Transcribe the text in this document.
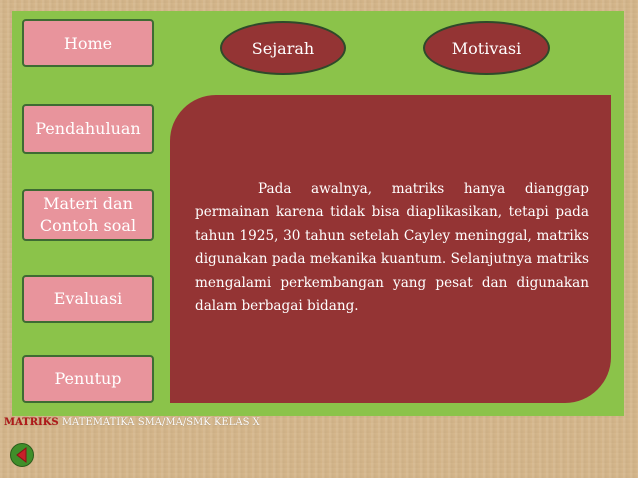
Home
Pendahuluan
Materi dan
Contoh soal
Evaluasi
Penutup
Sejarah	Motivasi

Pada awalnya, matriks hanya dianggap permainan karena tidak bisa diaplikasikan, tetapi pada tahun 1925, 30 tahun setelah Cayley meninggal, matriks digunakan pada mekanika kuantum. Selanjutnya matriks mengalami perkembangan yang pesat dan digunakan dalam berbagai bidang.

MATRIKS MATEMATIKA SMA/MA/SMK KELAS X
